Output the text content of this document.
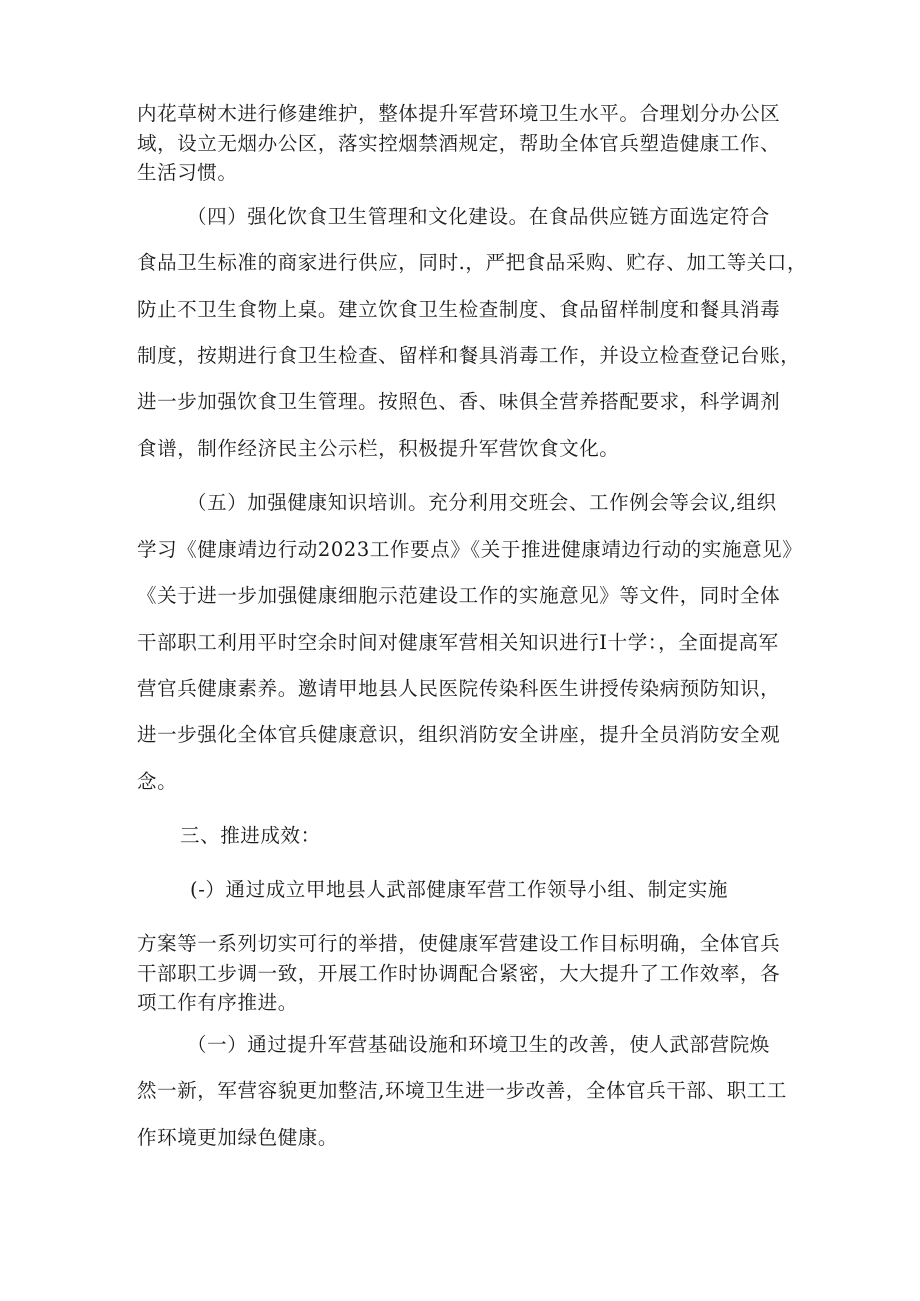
内花草树木进行修建维护，整体提升军营环境卫生水平。合理划分办公区
域，设立无烟办公区，落实控烟禁酒规定，帮助全体官兵塑造健康工作、
生活习惯。
（四）强化饮食卫生管理和文化建设。在食品供应链方面选定符合
食品卫生标准的商家进行供应，同时.，严把食品采购、贮存、加工等关口，
防止不卫生食物上桌。建立饮食卫生检查制度、食品留样制度和餐具消毒
制度，按期进行食卫生检查、留样和餐具消毒工作，并设立检查登记台账，
进一步加强饮食卫生管理。按照色、香、味俱全营养搭配要求，科学调剂
食谱，制作经济民主公示栏，积极提升军营饮食文化。
（五）加强健康知识培训。充分利用交班会、工作例会等会议,组织
学习《健康靖边行动2023工作要点》《关于推进健康靖边行动的实施意见》
《关于进一步加强健康细胞示范建设工作的实施意见》等文件，同时全体
干部职工利用平时空余时间对健康军营相关知识进行I十学：，全面提高军
营官兵健康素养。邀请甲地县人民医院传染科医生讲授传染病预防知识，
进一步强化全体官兵健康意识，组织消防安全讲座，提升全员消防安全观
念。
三、推进成效：
(-）通过成立甲地县人武部健康军营工作领导小组、制定实施
方案等一系列切实可行的举措，使健康军营建设工作目标明确，全体官兵
干部职工步调一致，开展工作时协调配合紧密，大大提升了工作效率，各
项工作有序推进。
（一）通过提升军营基础设施和环境卫生的改善，使人武部营院焕
然一新，军营容貌更加整洁,环境卫生进一步改善，全体官兵干部、职工工
作环境更加绿色健康。
